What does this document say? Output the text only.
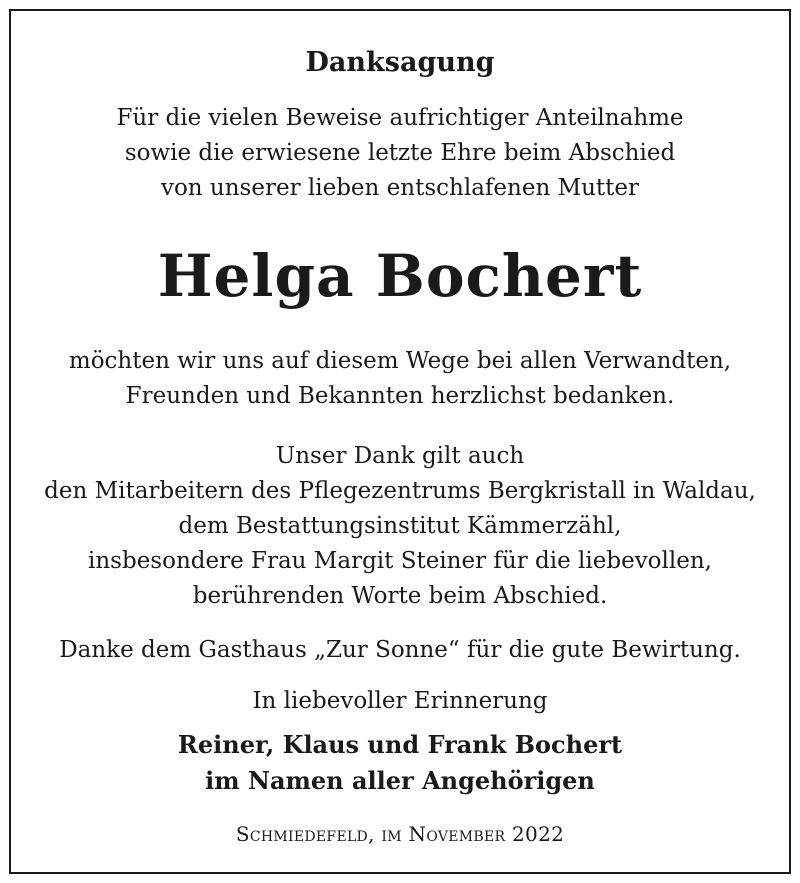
Danksagung
Für die vielen Beweise aufrichtiger Anteilnahme
sowie die erwiesene letzte Ehre beim Abschied
von unserer lieben entschlafenen Mutter
Helga Bochert
möchten wir uns auf diesem Wege bei allen Verwandten,
Freunden und Bekannten herzlichst bedanken.
Unser Dank gilt auch
den Mitarbeitern des Pflegezentrums Bergkristall in Waldau,
dem Bestattungsinstitut Kämmerzähl,
insbesondere Frau Margit Steiner für die liebevollen,
berührenden Worte beim Abschied.
Danke dem Gasthaus „Zur Sonne“ für die gute Bewirtung.
In liebevoller Erinnerung
Reiner, Klaus und Frank Bochert
im Namen aller Angehörigen
Schmiedefeld, im November 2022
